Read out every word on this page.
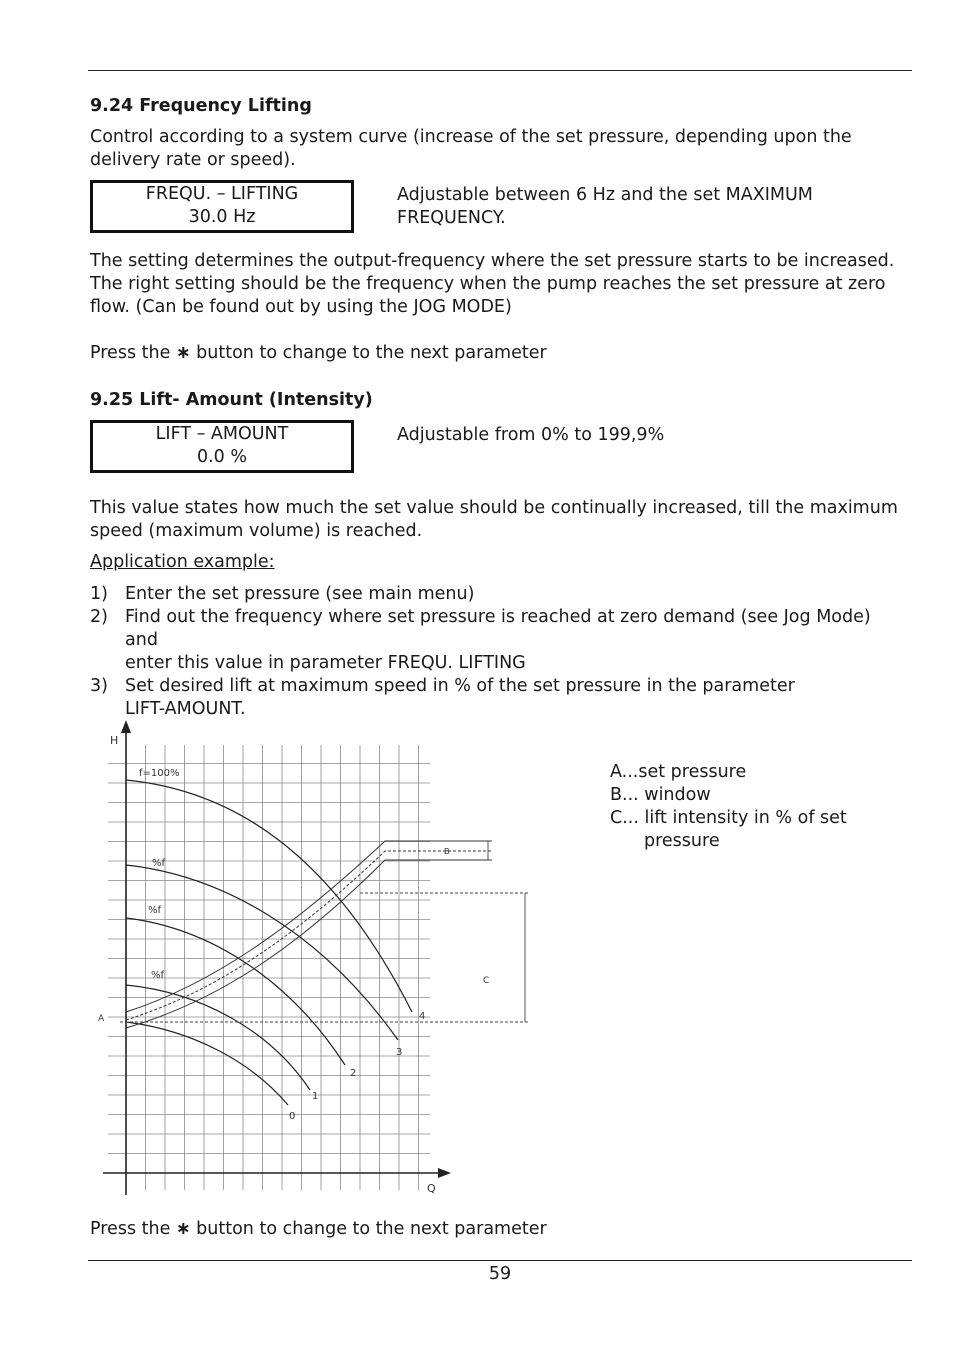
9.24 Frequency Lifting

Control according to a system curve (increase of the set pressure, depending upon the

delivery rate or speed).

FREQU. – LIFTING
30.0 Hz

Adjustable between 6 Hz and the set MAXIMUM

FREQUENCY.

The setting determines the output-frequency where the set pressure starts to be increased.

The right setting should be the frequency when the pump reaches the set pressure at zero

flow. (Can be found out by using the JOG MODE)

Press the ∗ button to change to the next parameter
9.25 Lift- Amount (Intensity)
LIFT – AMOUNT
0.0 %
Adjustable from 0% to 199,9%

This value states how much the set value should be continually increased, till the maximum

speed (maximum volume) is reached.

Application example:
1) Enter the set pressure (see main menu)
2) Find out the frequency where set pressure is reached at zero demand (see Jog Mode) and
enter this value in parameter FREQU. LIFTING
3) Set desired lift at maximum speed in % of the set pressure in the parameter
LIFT-AMOUNT.
H
Q
f=100%
%f
%f
%f
A
B
C
4
3
2
1
0
A...set pressure
B... window
C... lift intensity in % of set
pressure
Press the ∗ button to change to the next parameter
59
